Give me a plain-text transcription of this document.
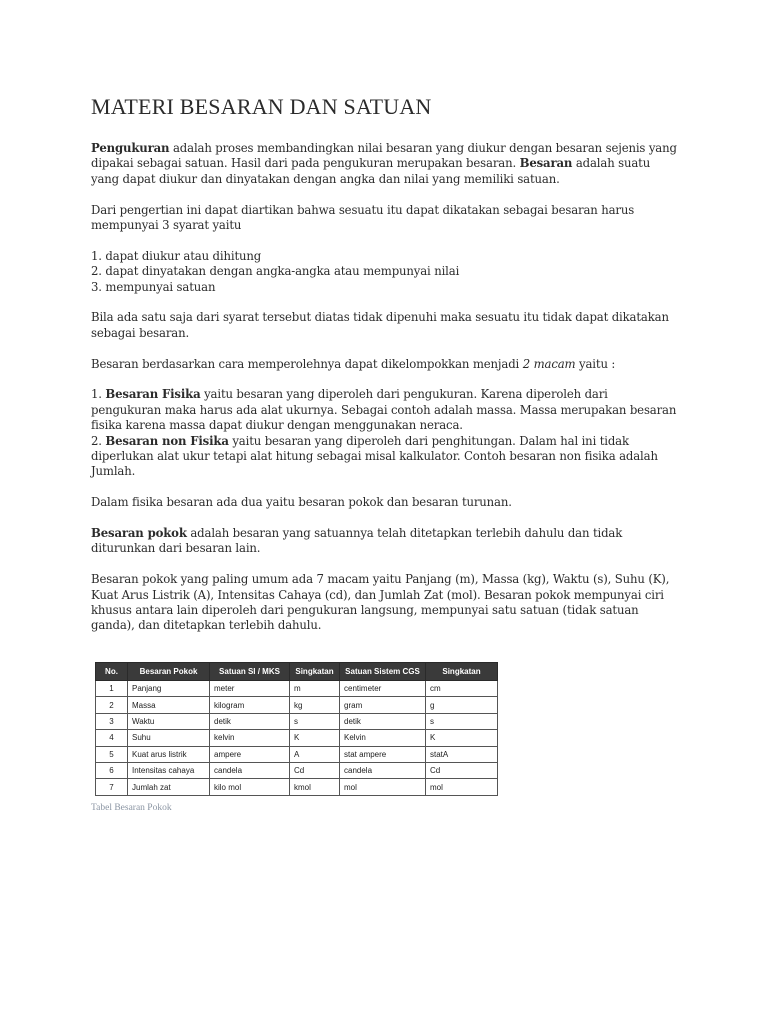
MATERI BESARAN DAN SATUAN

Pengukuran adalah proses membandingkan nilai besaran yang diukur dengan besaran sejenis yang dipakai sebagai satuan. Hasil dari pada pengukuran merupakan besaran. Besaran adalah suatu yang dapat diukur dan dinyatakan dengan angka dan nilai yang memiliki satuan.

Dari pengertian ini dapat diartikan bahwa sesuatu itu dapat dikatakan sebagai besaran harus mempunyai 3 syarat yaitu

1. dapat diukur atau dihitung

2. dapat dinyatakan dengan angka-angka atau mempunyai nilai

3. mempunyai satuan

Bila ada satu saja dari syarat tersebut diatas tidak dipenuhi maka sesuatu itu tidak dapat dikatakan sebagai besaran.

Besaran berdasarkan cara memperolehnya dapat dikelompokkan menjadi 2 macam yaitu :

1. Besaran Fisika yaitu besaran yang diperoleh dari pengukuran. Karena diperoleh dari pengukuran maka harus ada alat ukurnya. Sebagai contoh adalah massa. Massa merupakan besaran fisika karena massa dapat diukur dengan menggunakan neraca.

2. Besaran non Fisika yaitu besaran yang diperoleh dari penghitungan. Dalam hal ini tidak diperlukan alat ukur tetapi alat hitung sebagai misal kalkulator. Contoh besaran non fisika adalah Jumlah.

Dalam fisika besaran ada dua yaitu besaran pokok dan besaran turunan.

Besaran pokok adalah besaran yang satuannya telah ditetapkan terlebih dahulu dan tidak diturunkan dari besaran lain.

Besaran pokok yang paling umum ada 7 macam yaitu Panjang (m), Massa (kg), Waktu (s), Suhu (K), Kuat Arus Listrik (A), Intensitas Cahaya (cd), dan Jumlah Zat (mol). Besaran pokok mempunyai ciri khusus antara lain diperoleh dari pengukuran langsung, mempunyai satu satuan (tidak satuan ganda), dan ditetapkan terlebih dahulu.

No.	Besaran Pokok	Satuan SI / MKS	Singkatan	Satuan Sistem CGS	Singkatan
1	Panjang	meter	m	centimeter	cm
2	Massa	kilogram	kg	gram	g
3	Waktu	detik	s	detik	s
4	Suhu	kelvin	K	Kelvin	K
5	Kuat arus listrik	ampere	A	stat ampere	statA
6	Intensitas cahaya	candela	Cd	candela	Cd
7	Jumlah zat	kilo mol	kmol	mol	mol
Tabel Besaran Pokok
